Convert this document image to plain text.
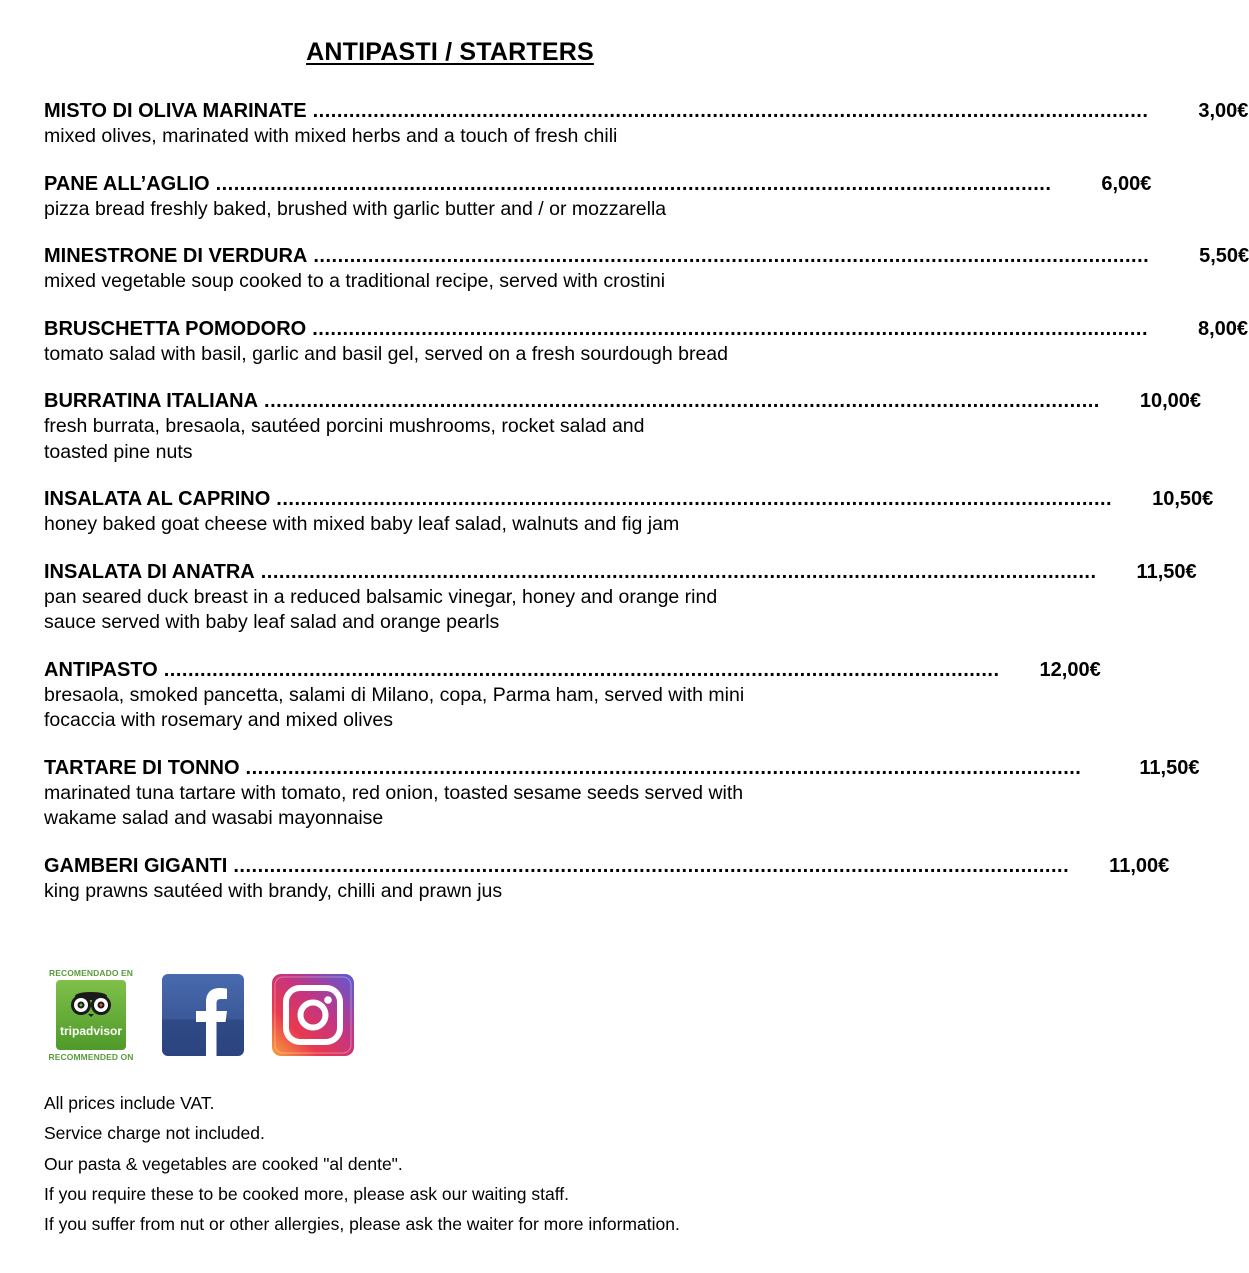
ANTIPASTI / STARTERS
MISTO DI OLIVA MARINATE ..........................................................................................................................................	3,00€
mixed olives, marinated with mixed herbs and a touch of fresh chili
PANE ALL’AGLIO ..........................................................................................................................................	6,00€
pizza bread freshly baked, brushed with garlic butter and / or mozzarella
MINESTRONE DI VERDURA ..........................................................................................................................................	5,50€
mixed vegetable soup cooked to a traditional recipe, served with crostini
BRUSCHETTA POMODORO ..........................................................................................................................................	8,00€
tomato salad with basil, garlic and basil gel, served on a fresh sourdough bread
BURRATINA ITALIANA .......................................................................................................................................... 10,00€
fresh burrata, bresaola, sautéed porcini mushrooms, rocket salad and toasted pine nuts
INSALATA AL CAPRINO .......................................................................................................................................... 10,50€
honey baked goat cheese with mixed baby leaf salad, walnuts and fig jam
INSALATA DI ANATRA .......................................................................................................................................... 11,50€
pan seared duck breast in a reduced balsamic vinegar, honey and orange rind sauce served with baby leaf salad and orange pearls
ANTIPASTO .......................................................................................................................................... 12,00€
bresaola, smoked pancetta, salami di Milano, copa, Parma ham, served with mini focaccia with rosemary and mixed olives
TARTARE DI TONNO ..........................................................................................................................................	11,50€
marinated tuna tartare with tomato, red onion, toasted sesame seeds served with wakame salad and wasabi mayonnaise
GAMBERI GIGANTI .......................................................................................................................................... 11,00€
king prawns sautéed with brandy, chilli and prawn jus
RECOMENDADO EN
tripadvisor
RECOMMENDED ON
All prices include VAT.
Service charge not included.
Our pasta & vegetables are cooked "al dente".
If you require these to be cooked more, please ask our waiting staff.
If you suffer from nut or other allergies, please ask the waiter for more information.
